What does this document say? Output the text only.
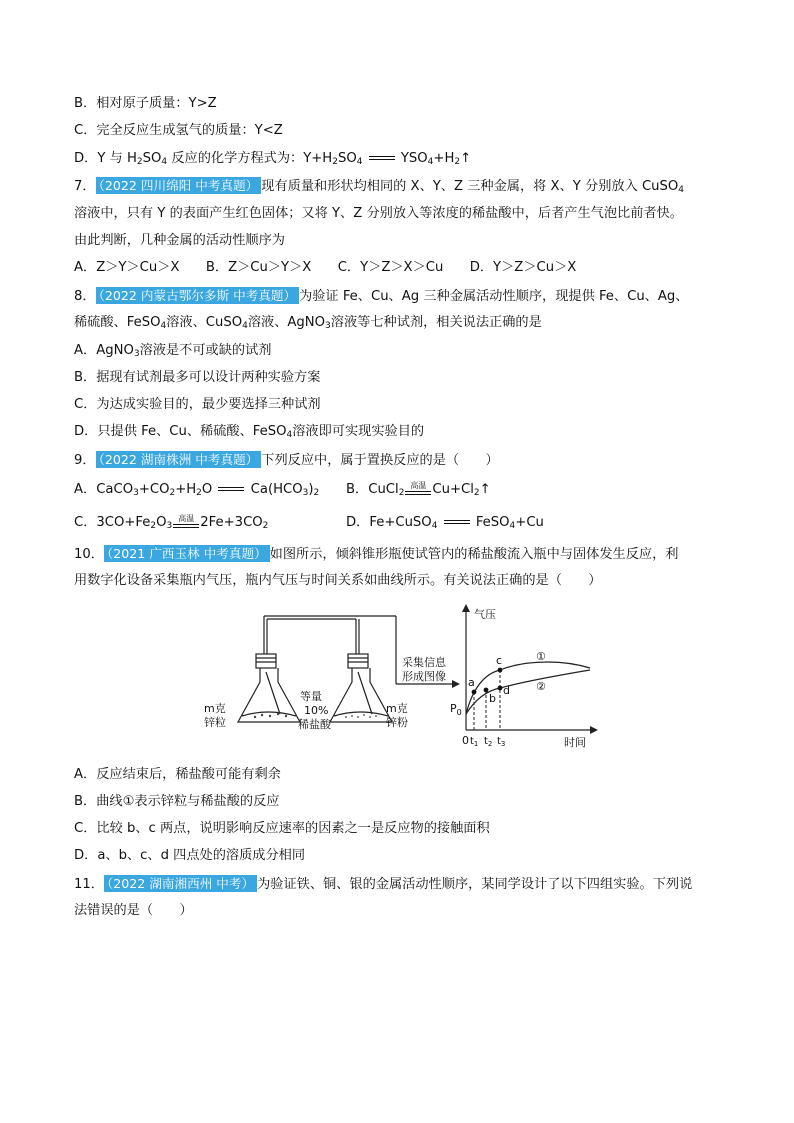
B．相对原子质量：Y>Z
C．完全反应生成氢气的质量：Y<Z
D．Y 与 $H_2SO_4$ 反应的化学方程式为：$Y+H_2SO_4$	$YSO_4+H_2↑$
7． （2022 四川绵阳 中考真题） 现有质量和形状均相同的 X、Y、Z 三种金属，将 X、Y 分别放入 CuSO$_4$
溶液中，只有 Y 的表面产生红色固体；又将 Y、Z 分别放入等浓度的稀盐酸中，后者产生气泡比前者快。
由此判断，几种金属的活动性顺序为
A．Z＞Y＞Cu＞X　　B．Z＞Cu＞Y＞X　　C．Y＞Z＞X＞Cu　　D．Y＞Z＞Cu＞X
8． （2022 内蒙古鄂尔多斯 中考真题） 为验证 Fe、Cu、Ag 三种金属活动性顺序，现提供 Fe、Cu、Ag、
稀硫酸、FeSO$_4$溶液、CuSO$_4$溶液、AgNO$_3$溶液等七种试剂，相关说法正确的是
A．AgNO$_3$溶液是不可或缺的试剂
B．据现有试剂最多可以设计两种实验方案
C．为达成实验目的，最少要选择三种试剂
D．只提供 Fe、Cu、稀硫酸、FeSO$_4$溶液即可实现实验目的
9． （2022 湖南株洲 中考真题） 下列反应中，属于置换反应的是（　　）
A．$CaCO_3+CO_2+H_2O$  $Ca(HCO_3)_2$ B．CuCl$_2$
高温 $Cu+Cl_2↑$
C．$3CO+Fe_2O_3$
高温 $2Fe+3CO_2$	D．Fe+CuSO$_4$	FeSO$_4$+Cu
10． （2021 广西玉林 中考真题） 如图所示，倾斜锥形瓶使试管内的稀盐酸流入瓶中与固体发生反应，利
用数字化设备采集瓶内气压，瓶内气压与时间关系如曲线所示。有关说法正确的是（　　）
m克
锌粒
等量
10%
稀盐酸
m克
锌粉
采集信息
形成图像
气压
时间
$P_0$
0 $t_1$ $t_2$ $t_3$
①
②
a
b
c
d
A．反应结束后，稀盐酸可能有剩余
B．曲线①表示锌粒与稀盐酸的反应
C．比较 b、c 两点，说明影响反应速率的因素之一是反应物的接触面积
D．a、b、c、d 四点处的溶质成分相同
11． （2022 湖南湘西州 中考） 为验证铁、铜、银的金属活动性顺序，某同学设计了以下四组实验。下列说
法错误的是（　　）
